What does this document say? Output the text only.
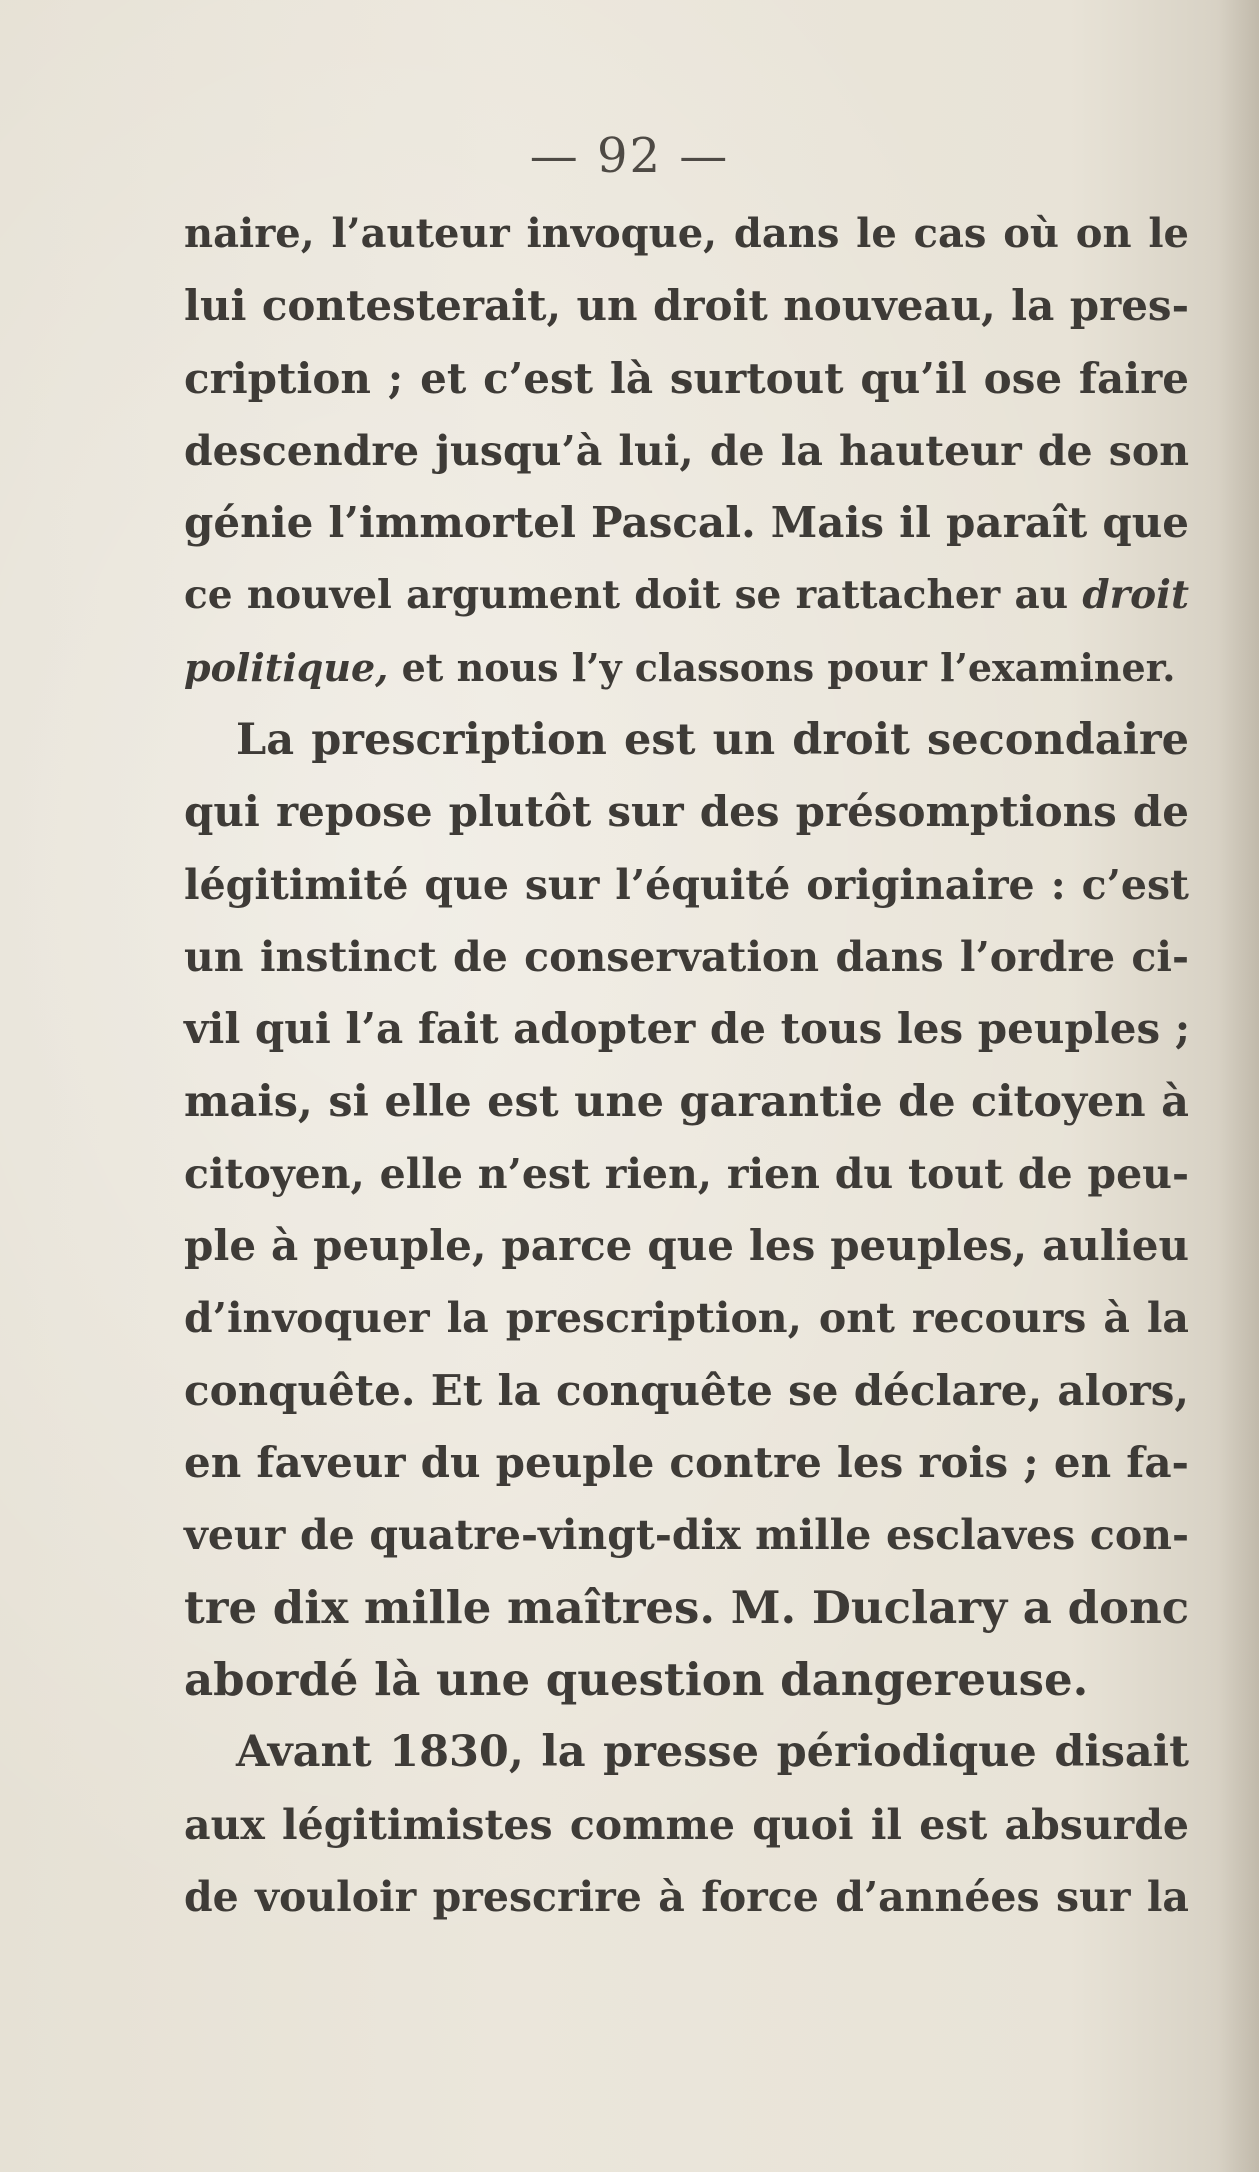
— 92 —
naire, l’auteur invoque, dans le cas où on le
lui contesterait, un droit nouveau, la pres-
cription ; et c’est là surtout qu’il ose faire
descendre jusqu’à lui, de la hauteur de son
génie l’immortel Pascal. Mais il paraît que
ce nouvel argument doit se rattacher au droit
politique, et nous l’y classons pour l’examiner.
La prescription est un droit secondaire
qui repose plutôt sur des présomptions de
légitimité que sur l’équité originaire : c’est
un instinct de conservation dans l’ordre ci-
vil qui l’a fait adopter de tous les peuples ;
mais, si elle est une garantie de citoyen à
citoyen, elle n’est rien, rien du tout de peu-
ple à peuple, parce que les peuples, aulieu
d’invoquer la prescription, ont recours à la
conquête. Et la conquête se déclare, alors,
en faveur du peuple contre les rois ; en fa-
veur de quatre-vingt-dix mille esclaves con-
tre dix mille maîtres. M. Duclary a donc
abordé là une question dangereuse.
Avant 1830, la presse périodique disait
aux légitimistes comme quoi il est absurde
de vouloir prescrire à force d’années sur la
